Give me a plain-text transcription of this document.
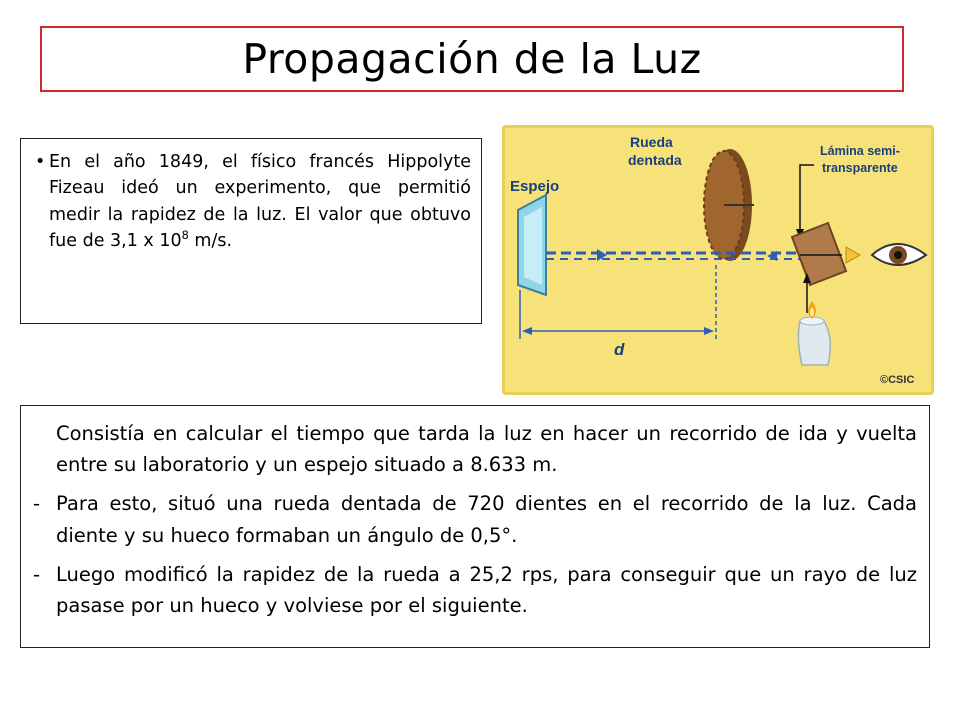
Propagación de la Luz
• En el año 1849, el físico francés Hippolyte Fizeau ideó un experimento, que permitió medir la rapidez de la luz. El valor que obtuvo fue de 3,1 x $10^8$ m/s.
Espejo
Rueda
dentada
Lámina semi-
transparente
d
©CSIC
Consistía en calcular el tiempo que tarda la luz en hacer un recorrido de ida y vuelta entre su laboratorio y un espejo situado a 8.633 m.
- Para esto, situó una rueda dentada de 720 dientes en el recorrido de la luz. Cada diente y su hueco formaban un ángulo de 0,5°.
- Luego modificó la rapidez de la rueda a 25,2 rps, para conseguir que un rayo de luz pasase por un hueco y volviese por el siguiente.
